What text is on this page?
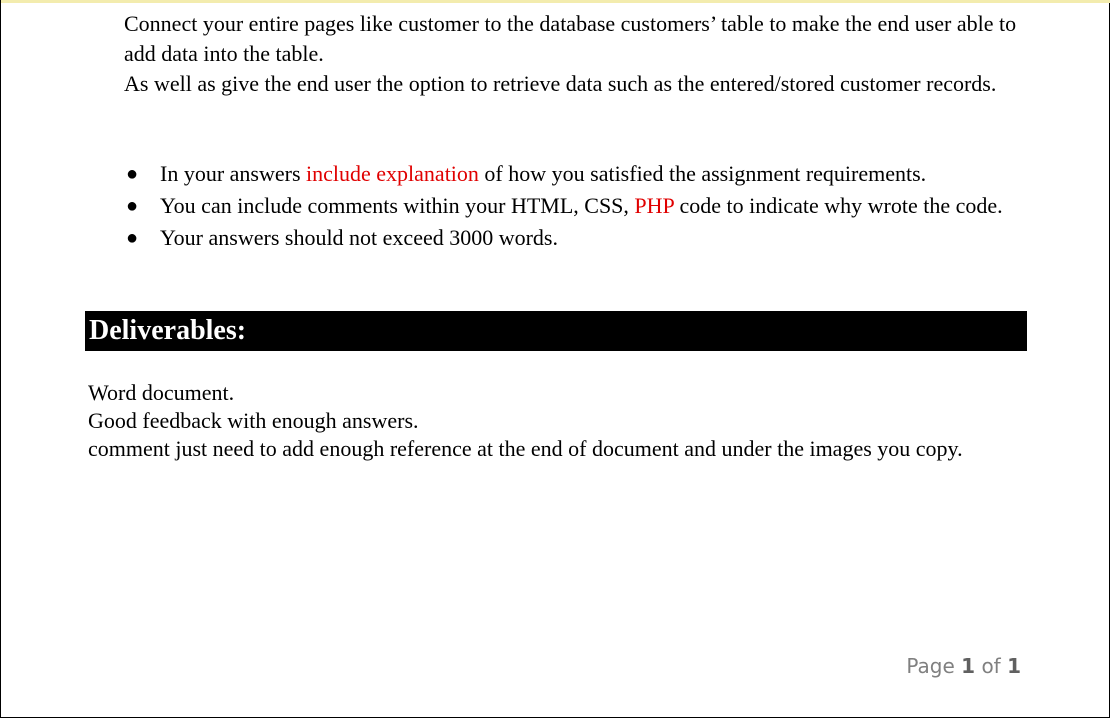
Connect your entire pages like customer to the database customers’ table to make the end user able to add data into the table.

As well as give the end user the option to retrieve data such as the entered/stored customer records.

● In your answers include explanation of how you satisfied the assignment requirements.
● You can include comments within your HTML, CSS, PHP code to indicate why wrote the code.
● Your answers should not exceed 3000 words.
Deliverables:

Word document.

Good feedback with enough answers.

comment just need to add enough reference at the end of document and under the images you copy.

Page 1 of 1
